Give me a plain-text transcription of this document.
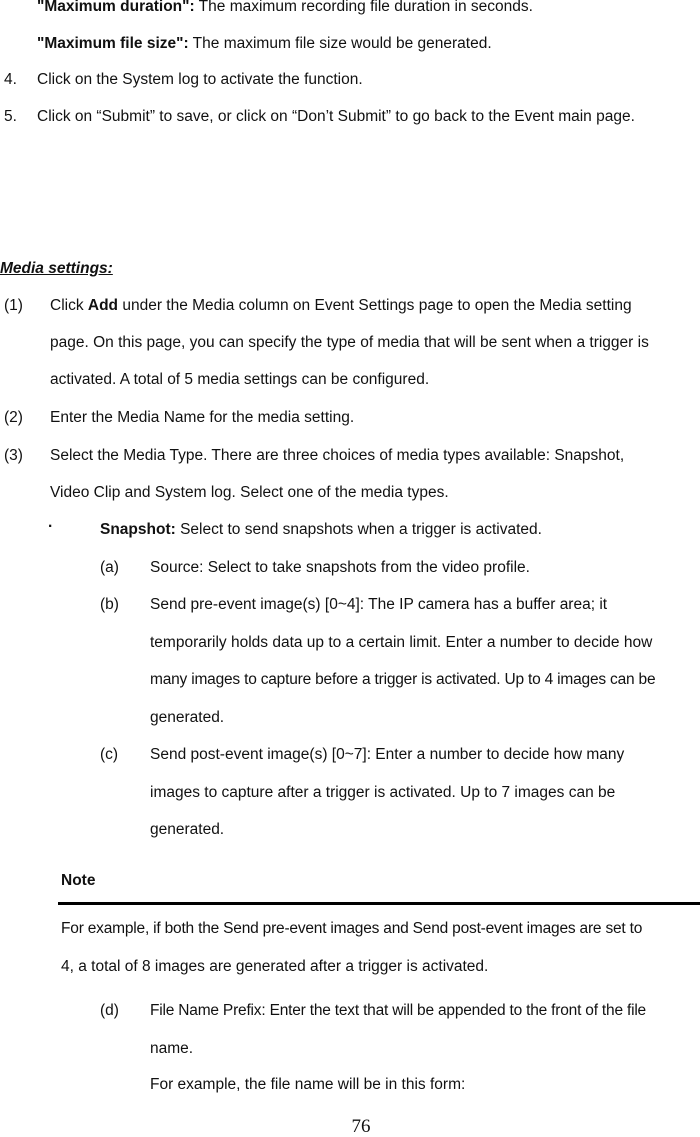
"Maximum duration": The maximum recording file duration in seconds.
"Maximum file size": The maximum file size would be generated.
4. Click on the System log to activate the function.
5. Click on “Submit” to save, or click on “Don’t Submit” to go back to the Event main page.
Media settings:
(1) Click Add under the Media column on Event Settings page to open the Media setting
page. On this page, you can specify the type of media that will be sent when a trigger is
activated. A total of 5 media settings can be configured.
(2) Enter the Media Name for the media setting.
(3) Select the Media Type. There are three choices of media types available: Snapshot,
Video Clip and System log. Select one of the media types.
·	Snapshot: Select to send snapshots when a trigger is activated.
(a) Source: Select to take snapshots from the video profile.
(b) Send pre-event image(s) [0~4]: The IP camera has a buffer area; it
temporarily holds data up to a certain limit. Enter a number to decide how
many images to capture before a trigger is activated. Up to 4 images can be
generated.
(c) Send post-event image(s) [0~7]: Enter a number to decide how many
images to capture after a trigger is activated. Up to 7 images can be
generated.
Note
For example, if both the Send pre-event images and Send post-event images are set to
4, a total of 8 images are generated after a trigger is activated.
(d) File Name Prefix: Enter the text that will be appended to the front of the file
name.
For example, the file name will be in this form:
76
